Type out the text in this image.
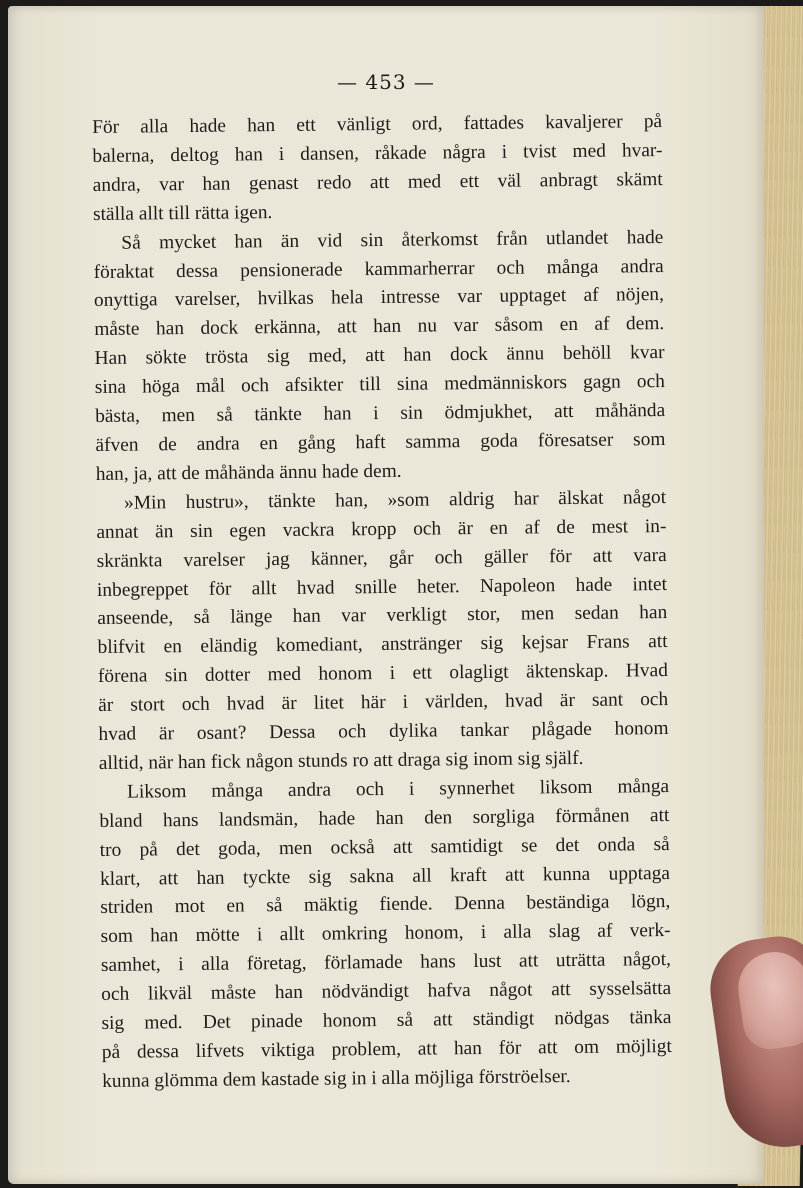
— 453 —
För alla hade han ett vänligt ord, fattades kavaljerer på
balerna, deltog han i dansen, råkade några i tvist med hvar-
andra, var han genast redo att med ett väl anbragt skämt
ställa allt till rätta igen.
Så mycket han än vid sin återkomst från utlandet hade
föraktat dessa pensionerade kammarherrar och många andra
onyttiga varelser, hvilkas hela intresse var upptaget af nöjen,
måste han dock erkänna, att han nu var såsom en af dem.
Han sökte trösta sig med, att han dock ännu behöll kvar
sina höga mål och afsikter till sina medmänniskors gagn och
bästa, men så tänkte han i sin ödmjukhet, att måhända
äfven de andra en gång haft samma goda föresatser som
han, ja, att de måhända ännu hade dem.
»Min hustru», tänkte han, »som aldrig har älskat något
annat än sin egen vackra kropp och är en af de mest in-
skränkta varelser jag känner, går och gäller för att vara
inbegreppet för allt hvad snille heter. Napoleon hade intet
anseende, så länge han var verkligt stor, men sedan han
blifvit en eländig komediant, anstränger sig kejsar Frans att
förena sin dotter med honom i ett olagligt äktenskap. Hvad
är stort och hvad är litet här i världen, hvad är sant och
hvad är osant? Dessa och dylika tankar plågade honom
alltid, när han fick någon stunds ro att draga sig inom sig själf.
Liksom många andra och i synnerhet liksom många
bland hans landsmän, hade han den sorgliga förmånen att
tro på det goda, men också att samtidigt se det onda så
klart, att han tyckte sig sakna all kraft att kunna upptaga
striden mot en så mäktig fiende. Denna beständiga lögn,
som han mötte i allt omkring honom, i alla slag af verk-
samhet, i alla företag, förlamade hans lust att uträtta något,
och likväl måste han nödvändigt hafva något att sysselsätta
sig med. Det pinade honom så att ständigt nödgas tänka
på dessa lifvets viktiga problem, att han för att om möjligt
kunna glömma dem kastade sig in i alla möjliga förströelser.
